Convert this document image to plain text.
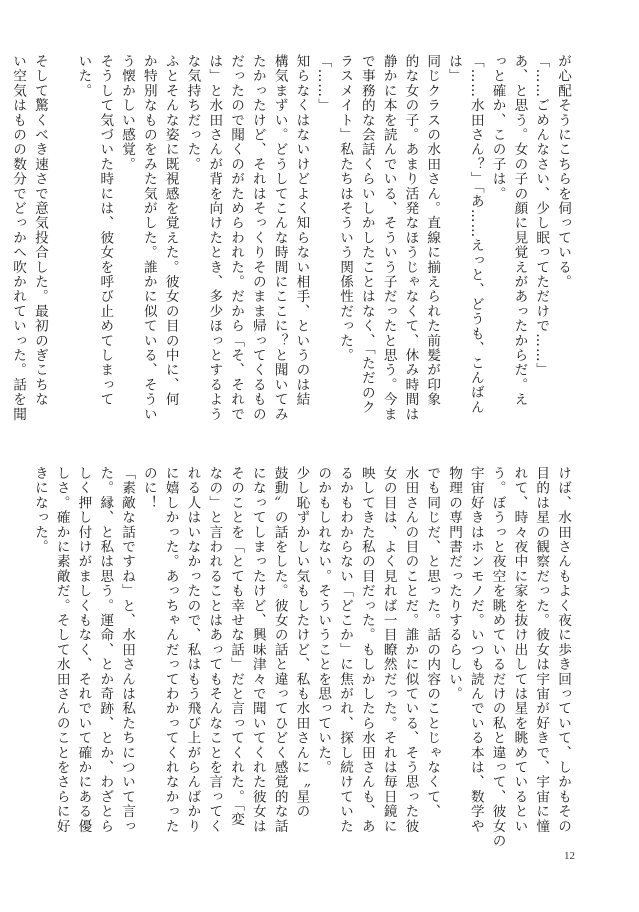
が心配そうにこちらを伺っている。
「……ごめんなさい、少し眠ってただけで……」
あ、と思う。女の子の顔に見覚えがあったからだ。え
っと確か、この子は。
「……水田さん？」「あ……えっと、どうも、こんばん
は」
同じクラスの水田さん。直線に揃えられた前髪が印象
的な女の子。あまり活発なほうじゃなくて、休み時間は
静かに本を読んでいる、そういう子だったと思う。今ま
で事務的な会話くらいしかしたことはなく、「ただのク
ラスメイト」私たちはそういう関係性だった。
「……」
知らなくはないけどよく知らない相手、というのは結
構気まずい。どうしてこんな時間にここに？と聞いてみ
たかったけど、それはそっくりそのまま帰ってくるもの
だったので聞くのがためらわれた。だから「そ、それで
は」と水田さんが背を向けたとき、多少ほっとするよう
な気持ちだった。
ふとそんな姿に既視感を覚えた。彼女の目の中に、何
か特別なものをみた気がした。誰かに似ている、そうい
う懐かしい感覚。
そうして気づいた時には、彼女を呼び止めてしまって
いた。

そして驚くべき速さで意気投合した。最初のぎこちな
い空気はものの数分でどっかへ吹かれていった。話を聞

けば、水田さんもよく夜に歩き回っていて、しかもその
目的は星の観察だった。彼女は宇宙が好きで、宇宙に憧
れて、時々夜中に家を抜け出しては星を眺めているとい
う。ぼうっと夜空を眺めているだけの私と違って、彼女の
宇宙好きはホンモノだ。いつも読んでいる本は、数学や
物理の専門書だったりするらしい。
でも同じだ、と思った。話の内容のことじゃなくて、
水田さんの目のことだ。誰かに似ている、そう思った彼
女の目は、よく見れば一目瞭然だった。それは毎日鏡に
映してきた私の目だった。もしかしたら水田さんも、あ
るかもわからない「どこか」に焦がれ、探し続けていた
のかもしれない。そういうことを思っていた。
少し恥ずかしい気もしたけど、私も水田さんに〝星の
鼓動〟の話をした。彼女の話と違ってひどく感覚的な話
になってしまったけど、興味津々で聞いてくれた彼女は
そのことを「とても幸せな話」だと言ってくれた。「変
なの」と言われることはあってもそんなことを言ってく
れる人はいなかったので、私はもう飛び上がらんばかり
に嬉しかった。あっちゃんだってわかってくれなかった
のに！
「素敵な話ですね」と、水田さんは私たちについて言っ
た。縁、と私は思う。運命、とか奇跡、とか、わざとら
しく押し付けがましくもなく、それでいて確かにある優
しさ。確かに素敵だ。そして水田さんのことをさらに好
きになった。

12
